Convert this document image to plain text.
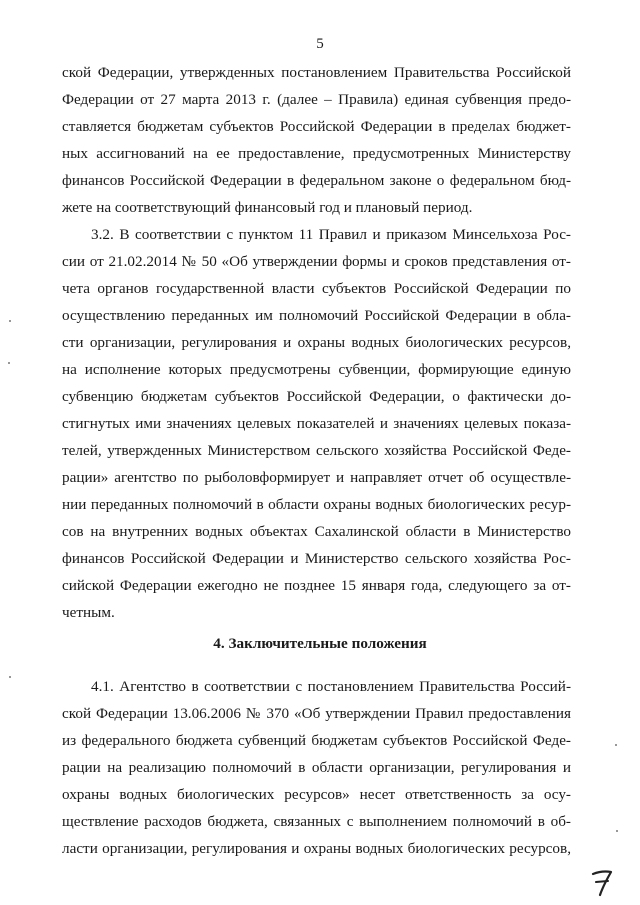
5
ской Федерации, утвержденных постановлением Правительства Российской
Федерации от 27 марта 2013 г. (далее – Правила) единая субвенция предо-
ставляется бюджетам субъектов Российской Федерации в пределах бюджет-
ных ассигнований на ее предоставление, предусмотренных Министерству
финансов Российской Федерации в федеральном законе о федеральном бюд-
жете на соответствующий финансовый год и плановый период.
3.2. В соответствии с пунктом 11 Правил и приказом Минсельхоза Рос-
сии от 21.02.2014 № 50 «Об утверждении формы и сроков представления от-
чета органов государственной власти субъектов Российской Федерации по
осуществлению переданных им полномочий Российской Федерации в обла-
сти организации, регулирования и охраны водных биологических ресурсов,
на исполнение которых предусмотрены субвенции, формирующие единую
субвенцию бюджетам субъектов Российской Федерации, о фактически до-
стигнутых ими значениях целевых показателей и значениях целевых показа-
телей, утвержденных Министерством сельского хозяйства Российской Феде-
рации» агентство по рыболовформирует и направляет отчет об осуществле-
нии переданных полномочий в области охраны водных биологических ресур-
сов на внутренних водных объектах Сахалинской области в Министерство
финансов Российской Федерации и Министерство сельского хозяйства Рос-
сийской Федерации ежегодно не позднее 15 января года, следующего за от-
четным.
4. Заключительные положения
4.1. Агентство в соответствии с постановлением Правительства Россий-
ской Федерации 13.06.2006 № 370 «Об утверждении Правил предоставления
из федерального бюджета субвенций бюджетам субъектов Российской Феде-
рации на реализацию полномочий в области организации, регулирования и
охраны водных биологических ресурсов» несет ответственность за осу-
ществление расходов бюджета, связанных с выполнением полномочий в об-
ласти организации, регулирования и охраны водных биологических ресурсов,
